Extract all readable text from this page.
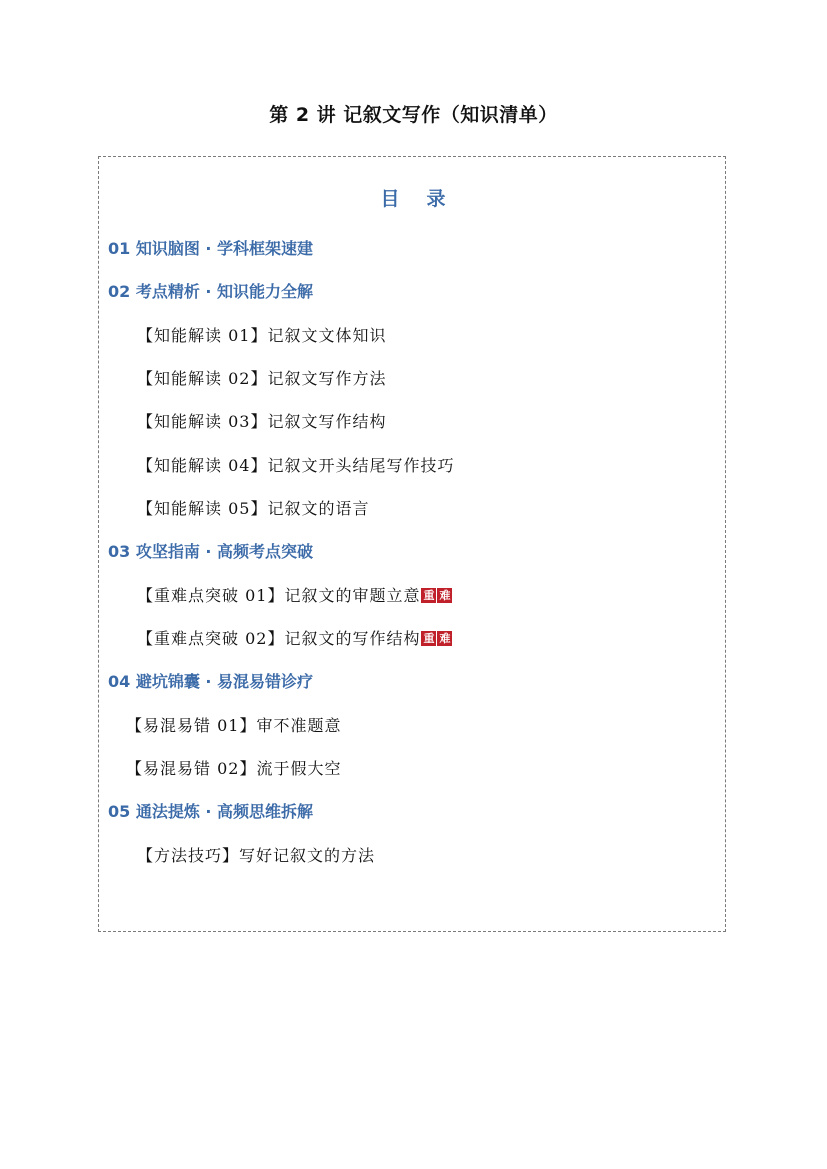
第 2 讲 记叙文写作（知识清单）
目 录
01 知识脑图 · 学科框架速建
02 考点精析 · 知识能力全解
【知能解读 01】记叙文文体知识
【知能解读 02】记叙文写作方法
【知能解读 03】记叙文写作结构
【知能解读 04】记叙文开头结尾写作技巧
【知能解读 05】记叙文的语言
03 攻坚指南 · 高频考点突破
【重难点突破 01】记叙文的审题立意 重 难
【重难点突破 02】记叙文的写作结构 重 难
04 避坑锦囊 · 易混易错诊疗
【易混易错 01】审不准题意
【易混易错 02】流于假大空
05 通法提炼 · 高频思维拆解
【方法技巧】写好记叙文的方法
